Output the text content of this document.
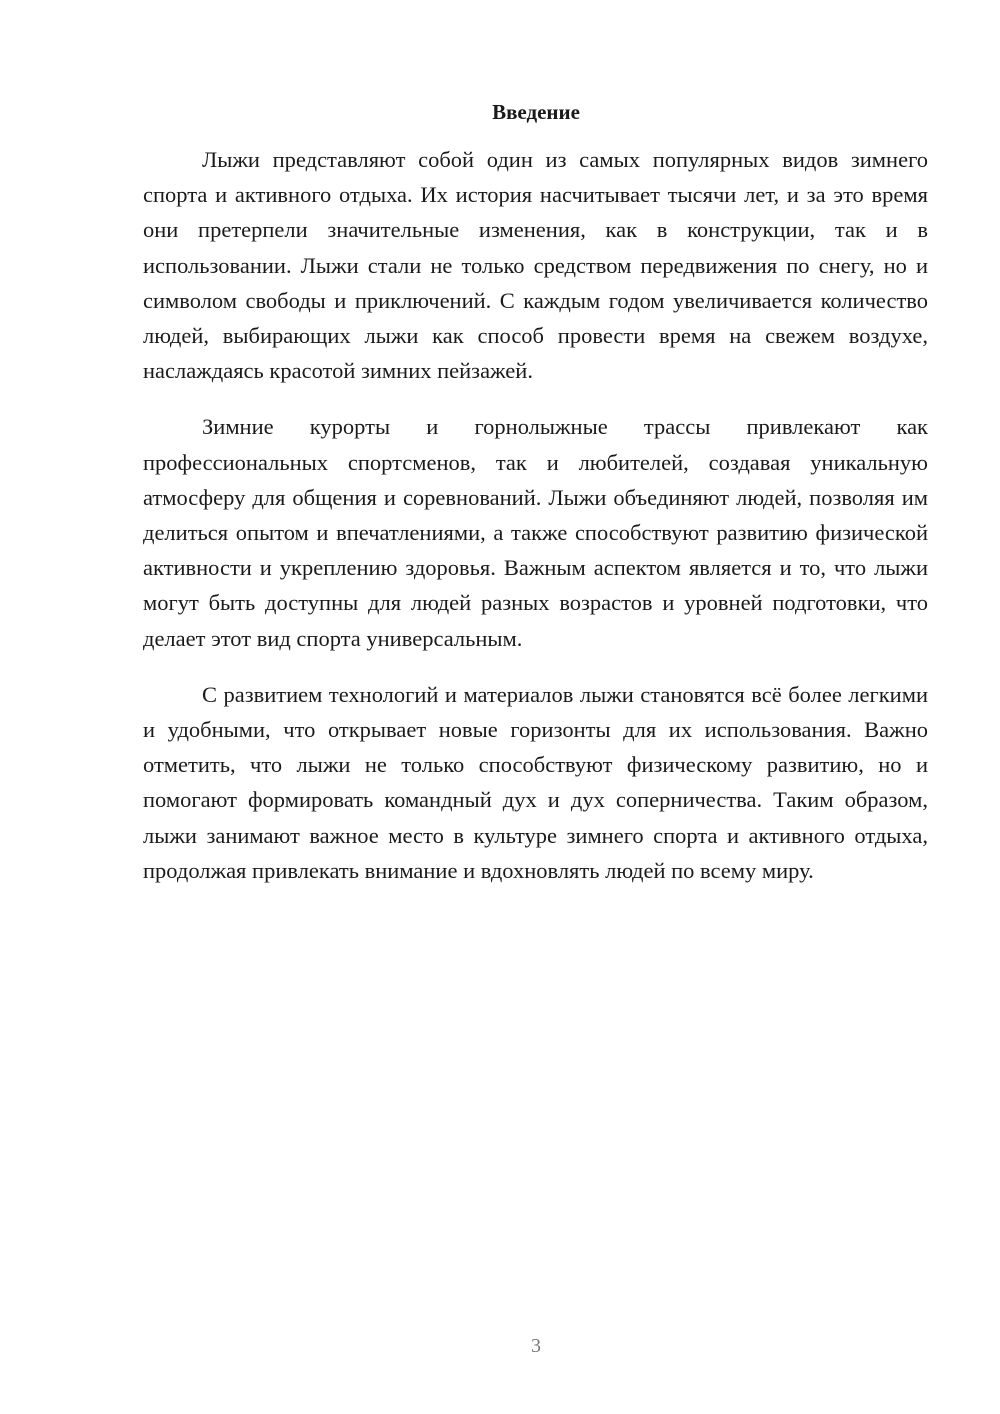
Введение

Лыжи представляют собой один из самых популярных видов зимнего спорта и активного отдыха. Их история насчитывает тысячи лет, и за это время они претерпели значительные изменения, как в конструкции, так и в использовании. Лыжи стали не только средством передвижения по снегу, но и символом свободы и приключений. С каждым годом увеличивается количество людей, выбирающих лыжи как способ провести время на свежем воздухе, наслаждаясь красотой зимних пейзажей.

Зимние курорты и горнолыжные трассы привлекают как профессиональных спортсменов, так и любителей, создавая уникальную атмосферу для общения и соревнований. Лыжи объединяют людей, позволяя им делиться опытом и впечатлениями, а также способствуют развитию физической активности и укреплению здоровья. Важным аспектом является и то, что лыжи могут быть доступны для людей разных возрастов и уровней подготовки, что делает этот вид спорта универсальным.

С развитием технологий и материалов лыжи становятся всё более легкими и удобными, что открывает новые горизонты для их использования. Важно отметить, что лыжи не только способствуют физическому развитию, но и помогают формировать командный дух и дух соперничества. Таким образом, лыжи занимают важное место в культуре зимнего спорта и активного отдыха, продолжая привлекать внимание и вдохновлять людей по всему миру.

3
